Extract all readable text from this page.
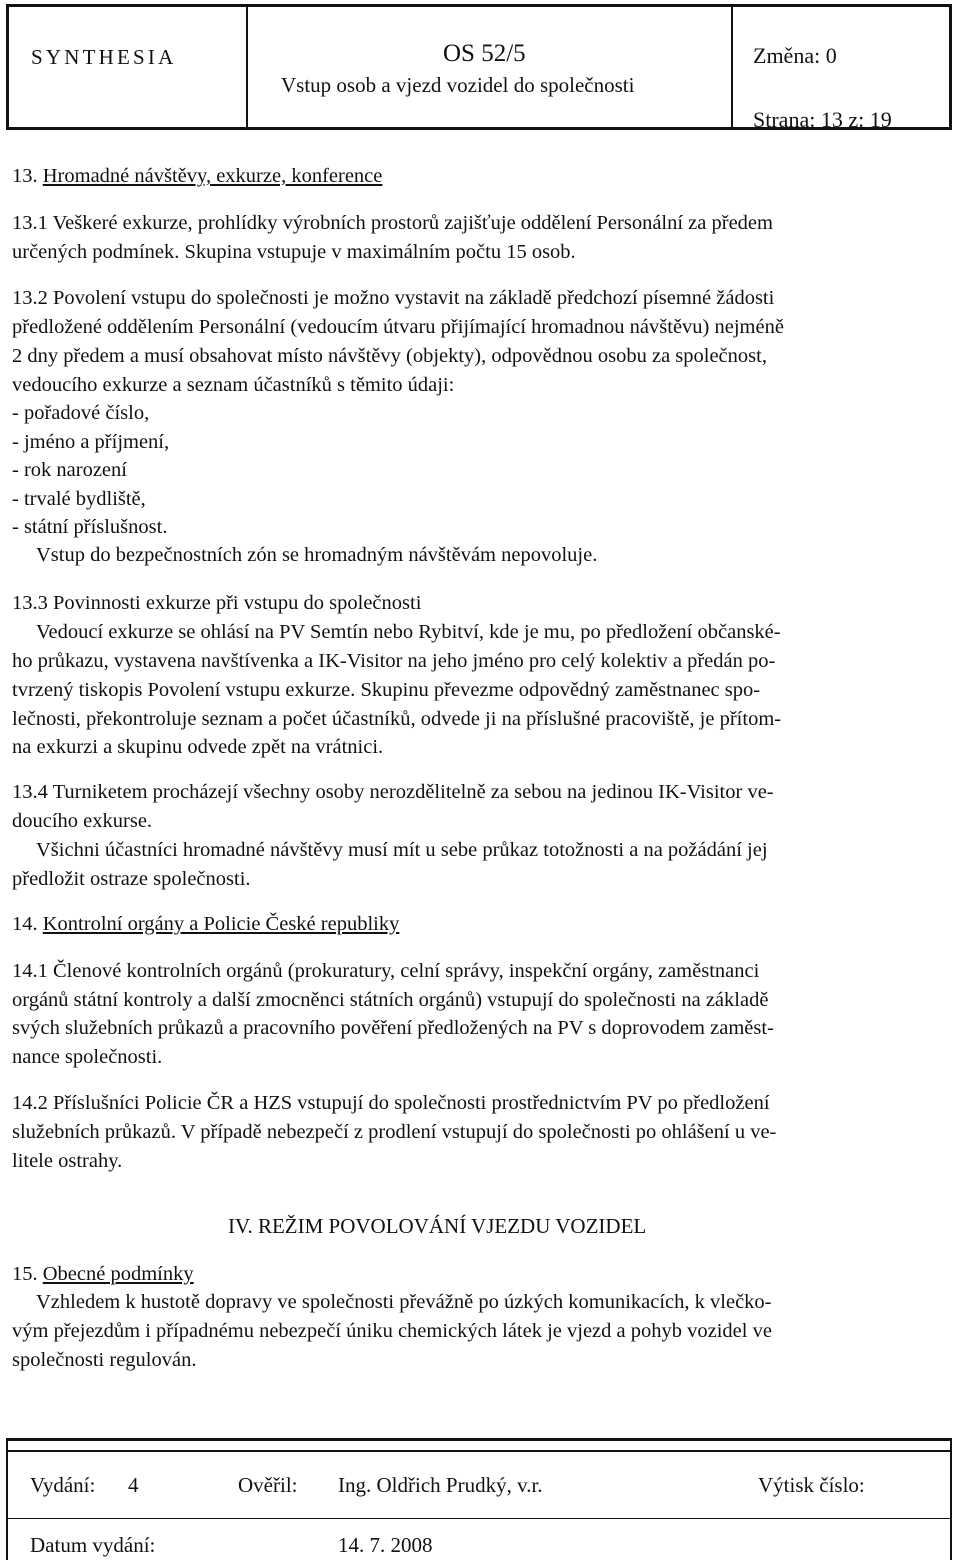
SYNTHESIA	OS 52/5
Vstup osob a vjezd vozidel do společnosti
Změna: 0
Strana: 13 z: 19
13. Hromadné návštěvy, exkurze, konference
13.1 Veškeré exkurze, prohlídky výrobních prostorů zajišťuje oddělení Personální za předem
určených podmínek. Skupina vstupuje v maximálním počtu 15 osob.
13.2 Povolení vstupu do společnosti je možno vystavit na základě předchozí písemné žádosti
předložené oddělením Personální (vedoucím útvaru přijímající hromadnou návštěvu) nejméně
2 dny předem a musí obsahovat místo návštěvy (objekty), odpovědnou osobu za společnost,
vedoucího exkurze a seznam účastníků s těmito údaji:
- pořadové číslo,
- jméno a příjmení,
- rok narození
- trvalé bydliště,
- státní příslušnost.
Vstup do bezpečnostních zón se hromadným návštěvám nepovoluje.
13.3 Povinnosti exkurze při vstupu do společnosti
Vedoucí exkurze se ohlásí na PV Semtín nebo Rybitví, kde je mu, po předložení občanské-
ho průkazu, vystavena navštívenka a IK-Visitor na jeho jméno pro celý kolektiv a předán po-
tvrzený tiskopis Povolení vstupu exkurze. Skupinu převezme odpovědný zaměstnanec spo-
lečnosti, překontroluje seznam a počet účastníků, odvede ji na příslušné pracoviště, je přítom-
na exkurzi a skupinu odvede zpět na vrátnici.
13.4 Turniketem procházejí všechny osoby nerozdělitelně za sebou na jedinou IK-Visitor ve-
doucího exkurse.
Všichni účastníci hromadné návštěvy musí mít u sebe průkaz totožnosti a na požádání jej
předložit ostraze společnosti.
14. Kontrolní orgány a Policie České republiky
14.1 Členové kontrolních orgánů (prokuratury, celní správy, inspekční orgány, zaměstnanci
orgánů státní kontroly a další zmocněnci státních orgánů) vstupují do společnosti na základě
svých služebních průkazů a pracovního pověření předložených na PV s doprovodem zaměst-
nance společnosti.
14.2 Příslušníci Policie ČR a HZS vstupují do společnosti prostřednictvím PV po předložení
služebních průkazů. V případě nebezpečí z prodlení vstupují do společnosti po ohlášení u ve-
litele ostrahy.
IV. REŽIM POVOLOVÁNÍ VJEZDU VOZIDEL
15. Obecné podmínky
Vzhledem k hustotě dopravy ve společnosti převážně po úzkých komunikacích, k vlečko-
vým přejezdům i případnému nebezpečí úniku chemických látek je vjezd a pohyb vozidel ve
společnosti regulován.
Vydání: 4	Ověřil: Ing. Oldřich Prudký, v.r.	Výtisk číslo:
Datum vydání:	14. 7. 2008
